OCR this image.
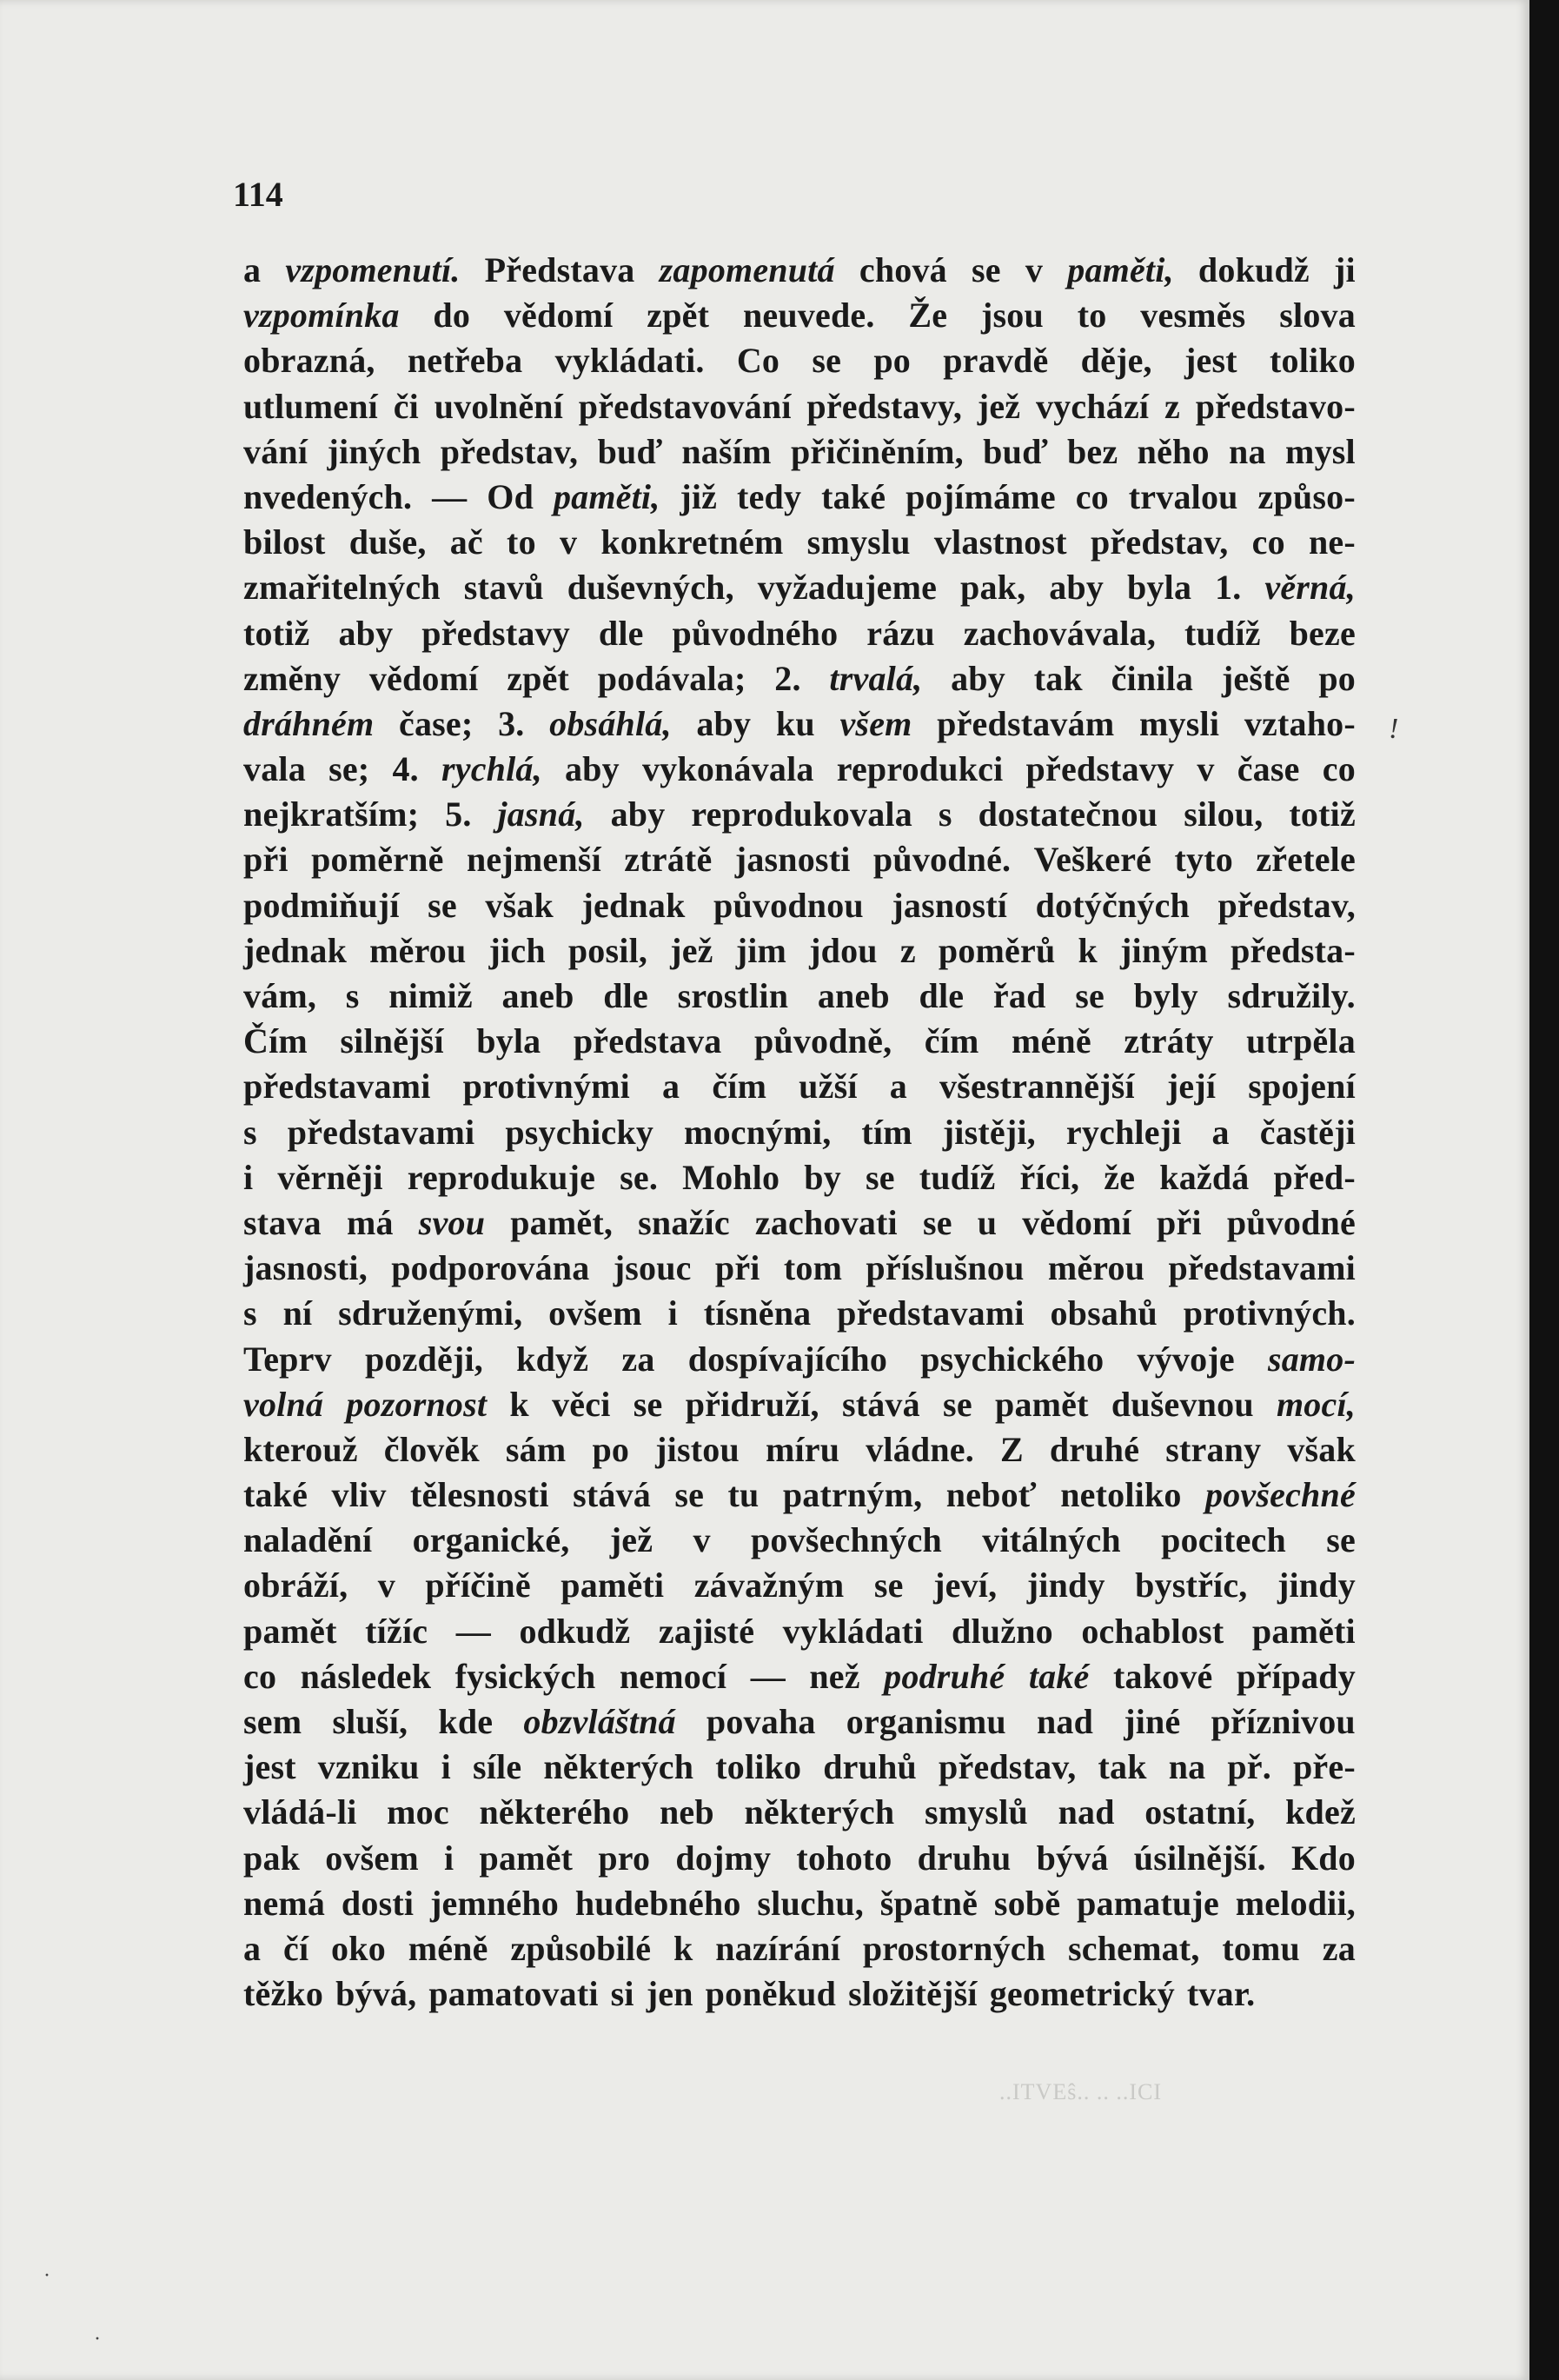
114
!
a vzpomenutí. Představa zapomenutá chová se v paměti, dokudž ji
vzpomínka do vědomí zpět neuvede. Že jsou to vesměs slova
obrazná, netřeba vykládati. Co se po pravdě děje, jest toliko
utlumení či uvolnění představování představy, jež vychází z představo-
vání jiných představ, buď naším přičiněním, buď bez něho na mysl
nvedených. — Od paměti, již tedy také pojímáme co trvalou způso-
bilost duše, ač to v konkretném smyslu vlastnost představ, co ne-
zmařitelných stavů duševných, vyžadujeme pak, aby byla 1. věrná,
totiž aby představy dle původného rázu zachovávala, tudíž beze
změny vědomí zpět podávala; 2. trvalá, aby tak činila ještě po
dráhném čase; 3. obsáhlá, aby ku všem představám mysli vztaho-
vala se; 4. rychlá, aby vykonávala reprodukci představy v čase co
nejkratším; 5. jasná, aby reprodukovala s dostatečnou silou, totiž
při poměrně nejmenší ztrátě jasnosti původné. Veškeré tyto zřetele
podmiňují se však jednak původnou jasností dotýčných představ,
jednak měrou jich posil, jež jim jdou z poměrů k jiným předsta-
vám, s nimiž aneb dle srostlin aneb dle řad se byly sdružily.
Čím silnější byla představa původně, čím méně ztráty utrpěla
představami protivnými a čím užší a všestrannější její spojení
s představami psychicky mocnými, tím jistěji, rychleji a častěji
i věrněji reprodukuje se. Mohlo by se tudíž říci, že každá před-
stava má svou pamět, snažíc zachovati se u vědomí při původné
jasnosti, podporována jsouc při tom příslušnou měrou představami
s ní sdruženými, ovšem i tísněna představami obsahů protivných.
Teprv později, když za dospívajícího psychického vývoje samo-
volná pozornost k věci se přidruží, stává se pamět duševnou mocí,
kterouž člověk sám po jistou míru vládne. Z druhé strany však
také vliv tělesnosti stává se tu patrným, neboť netoliko povšechné
naladění organické, jež v povšechných vitálných pocitech se
obráží, v příčině paměti závažným se jeví, jindy bystříc, jindy
pamět tížíc — odkudž zajisté vykládati dlužno ochablost paměti
co následek fysických nemocí — než podruhé také takové případy
sem sluší, kde obzvláštná povaha organismu nad jiné příznivou
jest vzniku i síle některých toliko druhů představ, tak na př. pře-
vládá-li moc některého neb některých smyslů nad ostatní, kdež
pak ovšem i pamět pro dojmy tohoto druhu bývá úsilnější. Kdo
nemá dosti jemného hudebného sluchu, špatně sobě pamatuje melodii,
a čí oko méně způsobilé k nazírání prostorných schemat, tomu za
těžko bývá, pamatovati si jen poněkud složitější geometrický tvar.
..ITVEŝ.. .. ..ICI
·
·
